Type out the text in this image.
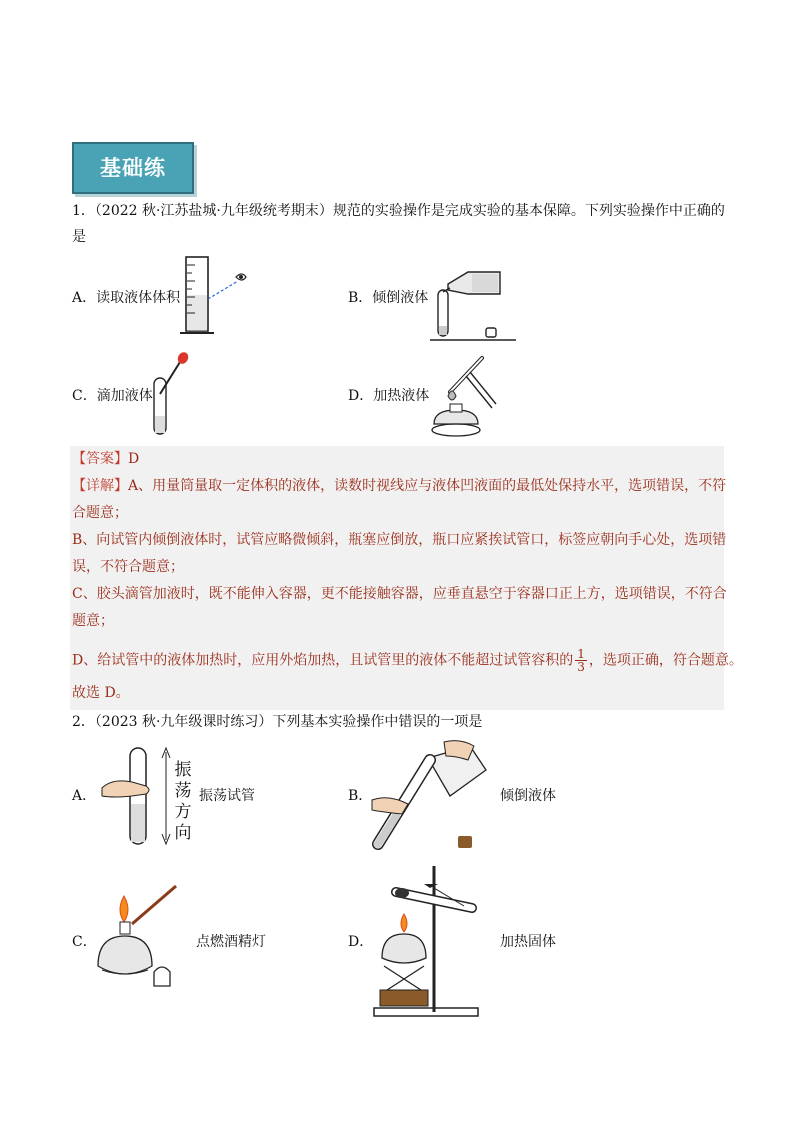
基础练
1．（2022 秋·江苏盐城·九年级统考期末）规范的实验操作是完成实验的基本保障。下列实验操作中正确的
是
A．读取液体体积	B．倾倒液体
C．滴加液体	D．加热液体
【答案】D
【详解】A、用量筒量取一定体积的液体，读数时视线应与液体凹液面的最低处保持水平，选项错误，不符
合题意；
B、向试管内倾倒液体时，试管应略微倾斜，瓶塞应倒放，瓶口应紧挨试管口，标签应朝向手心处，选项错
误，不符合题意；
C、胶头滴管加液时，既不能伸入容器，更不能接触容器，应垂直悬空于容器口正上方，选项错误，不符合
题意；
D、给试管中的液体加热时，应用外焰加热，且试管里的液体不能超过试管容积的 $\frac{1}{3}$ ，选项正确，符合题意。
故选 D。
2．（2023 秋·九年级课时练习）下列基本实验操作中错误的一项是
A．	振荡试管	B．	倾倒液体
C．	点燃酒精灯	D．	加热固体
振
荡
方
向
